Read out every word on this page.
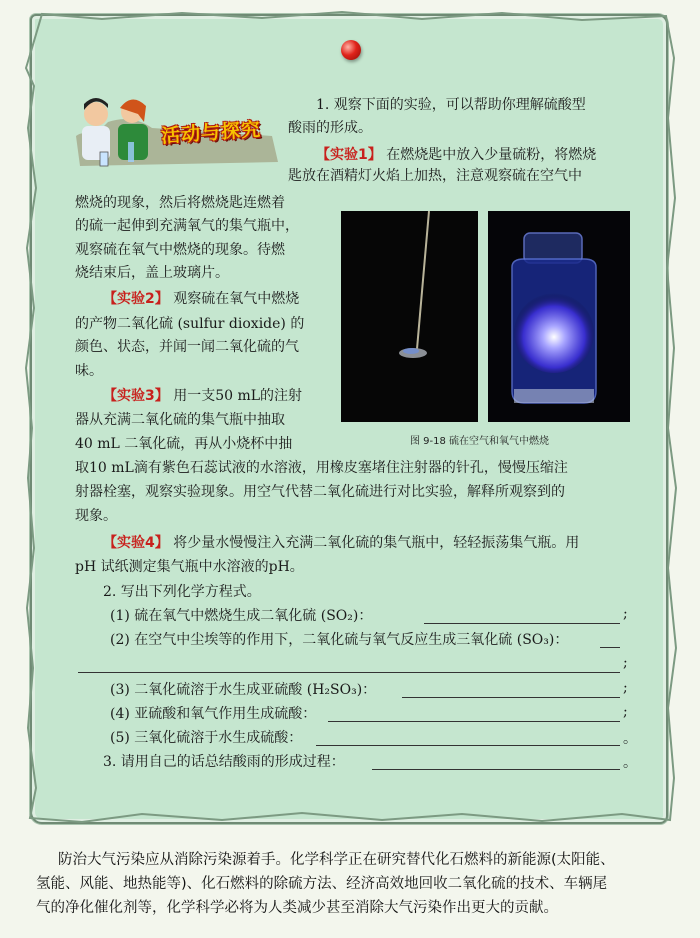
活动与探究
1. 观察下面的实验，可以帮助你理解硫酸型
酸雨的形成。
【实验1】 在燃烧匙中放入少量硫粉，将燃烧
匙放在酒精灯火焰上加热，注意观察硫在空气中
燃烧的现象，然后将燃烧匙连燃着
的硫一起伸到充满氧气的集气瓶中，
观察硫在氧气中燃烧的现象。待燃
烧结束后，盖上玻璃片。
【实验2】 观察硫在氧气中燃烧
的产物二氧化硫 (sulfur dioxide) 的
颜色、状态，并闻一闻二氧化硫的气
味。
【实验3】 用一支50 mL的注射
器从充满二氧化硫的集气瓶中抽取
40 mL 二氧化硫，再从小烧杯中抽
取10 mL滴有紫色石蕊试液的水溶液，用橡皮塞堵住注射器的针孔，慢慢压缩注
射器栓塞，观察实验现象。用空气代替二氧化硫进行对比实验，解释所观察到的
现象。
图 9-18 硫在空气和氧气中燃烧
【实验4】 将少量水慢慢注入充满二氧化硫的集气瓶中，轻轻振荡集气瓶。用
pH 试纸测定集气瓶中水溶液的pH。
2. 写出下列化学方程式。
(1) 硫在氧气中燃烧生成二氧化硫 (SO₂)：	;
(2) 在空气中尘埃等的作用下，二氧化硫与氧气反应生成三氧化硫 (SO₃)：
;
(3) 二氧化硫溶于水生成亚硫酸 (H₂SO₃)：	;
(4) 亚硫酸和氧气作用生成硫酸：	;
(5) 三氧化硫溶于水生成硫酸：	。
3. 请用自己的话总结酸雨的形成过程：	。
防治大气污染应从消除污染源着手。化学科学正在研究替代化石燃料的新能源(太阳能、
氢能、风能、地热能等)、化石燃料的除硫方法、经济高效地回收二氧化硫的技术、车辆尾
气的净化催化剂等，化学科学必将为人类减少甚至消除大气污染作出更大的贡献。
